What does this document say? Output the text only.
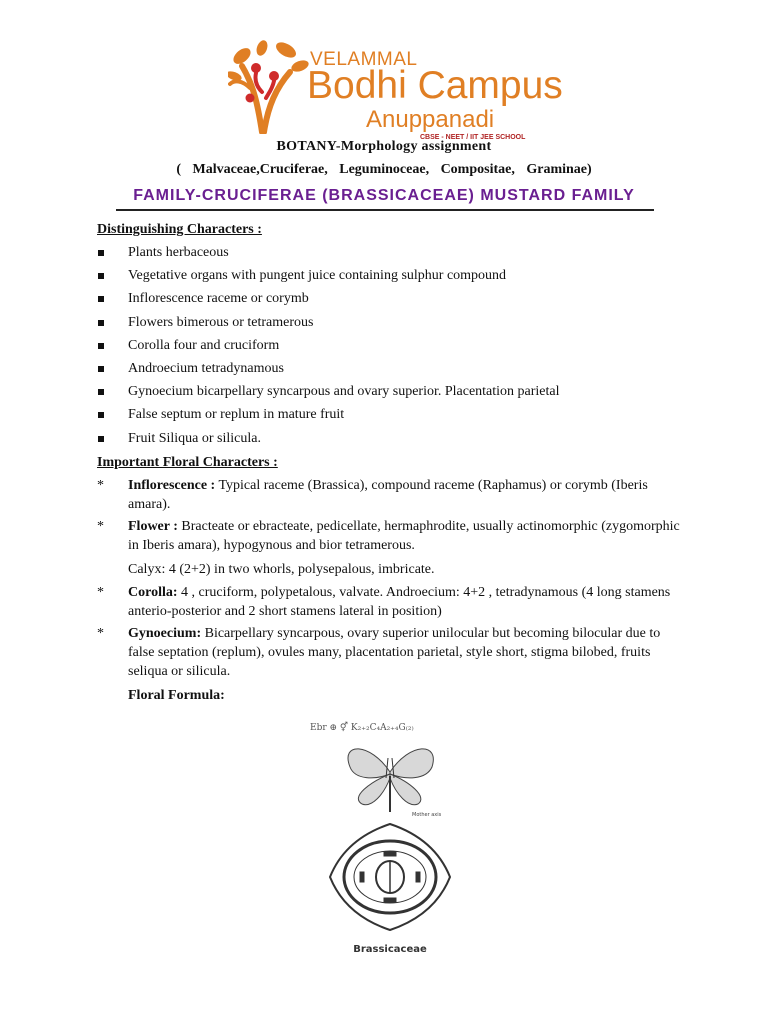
VELAMMAL
Bodhi Campus
Anuppanadi
CBSE - NEET / IIT JEE SCHOOL
BOTANY-Morphology assignment
( Malvaceae,Cruciferae, Leguminoceae, Compositae, Graminae)
FAMILY-CRUCIFERAE (BRASSICACEAE) MUSTARD FAMILY
Distinguishing Characters :
Plants herbaceous
Vegetative organs with pungent juice containing sulphur compound
Inflorescence raceme or corymb
Flowers bimerous or tetramerous
Corolla four and cruciform
Androecium tetradynamous
Gynoecium bicarpellary syncarpous and ovary superior. Placentation parietal
False septum or replum in mature fruit
Fruit Siliqua or silicula.
Important Floral Characters :
* Inflorescence : Typical raceme (Brassica), compound raceme (Raphamus) or corymb (Iberis amara).
* Flower : Bracteate or ebracteate, pedicellate, hermaphrodite, usually actinomorphic (zygomorphic in Iberis amara), hypogynous and bior tetramerous.
Calyx: 4 (2+2) in two whorls, polysepalous, imbricate.
* Corolla: 4 , cruciform, polypetalous, valvate. Androecium: 4+2 , tetradynamous (4 long stamens anterio-posterior and 2 short stamens lateral in position)
* Gynoecium: Bicarpellary syncarpous, ovary superior unilocular but becoming bilocular due to false septation (replum), ovules many, placentation parietal, style short, stigma bilobed, fruits seliqua or silicula.
Floral Formula:
Ebr ⊕ ⚥ K₂₊₂C₄A₂₊₄G₍₂₎
Mother axis
Brassicaceae
